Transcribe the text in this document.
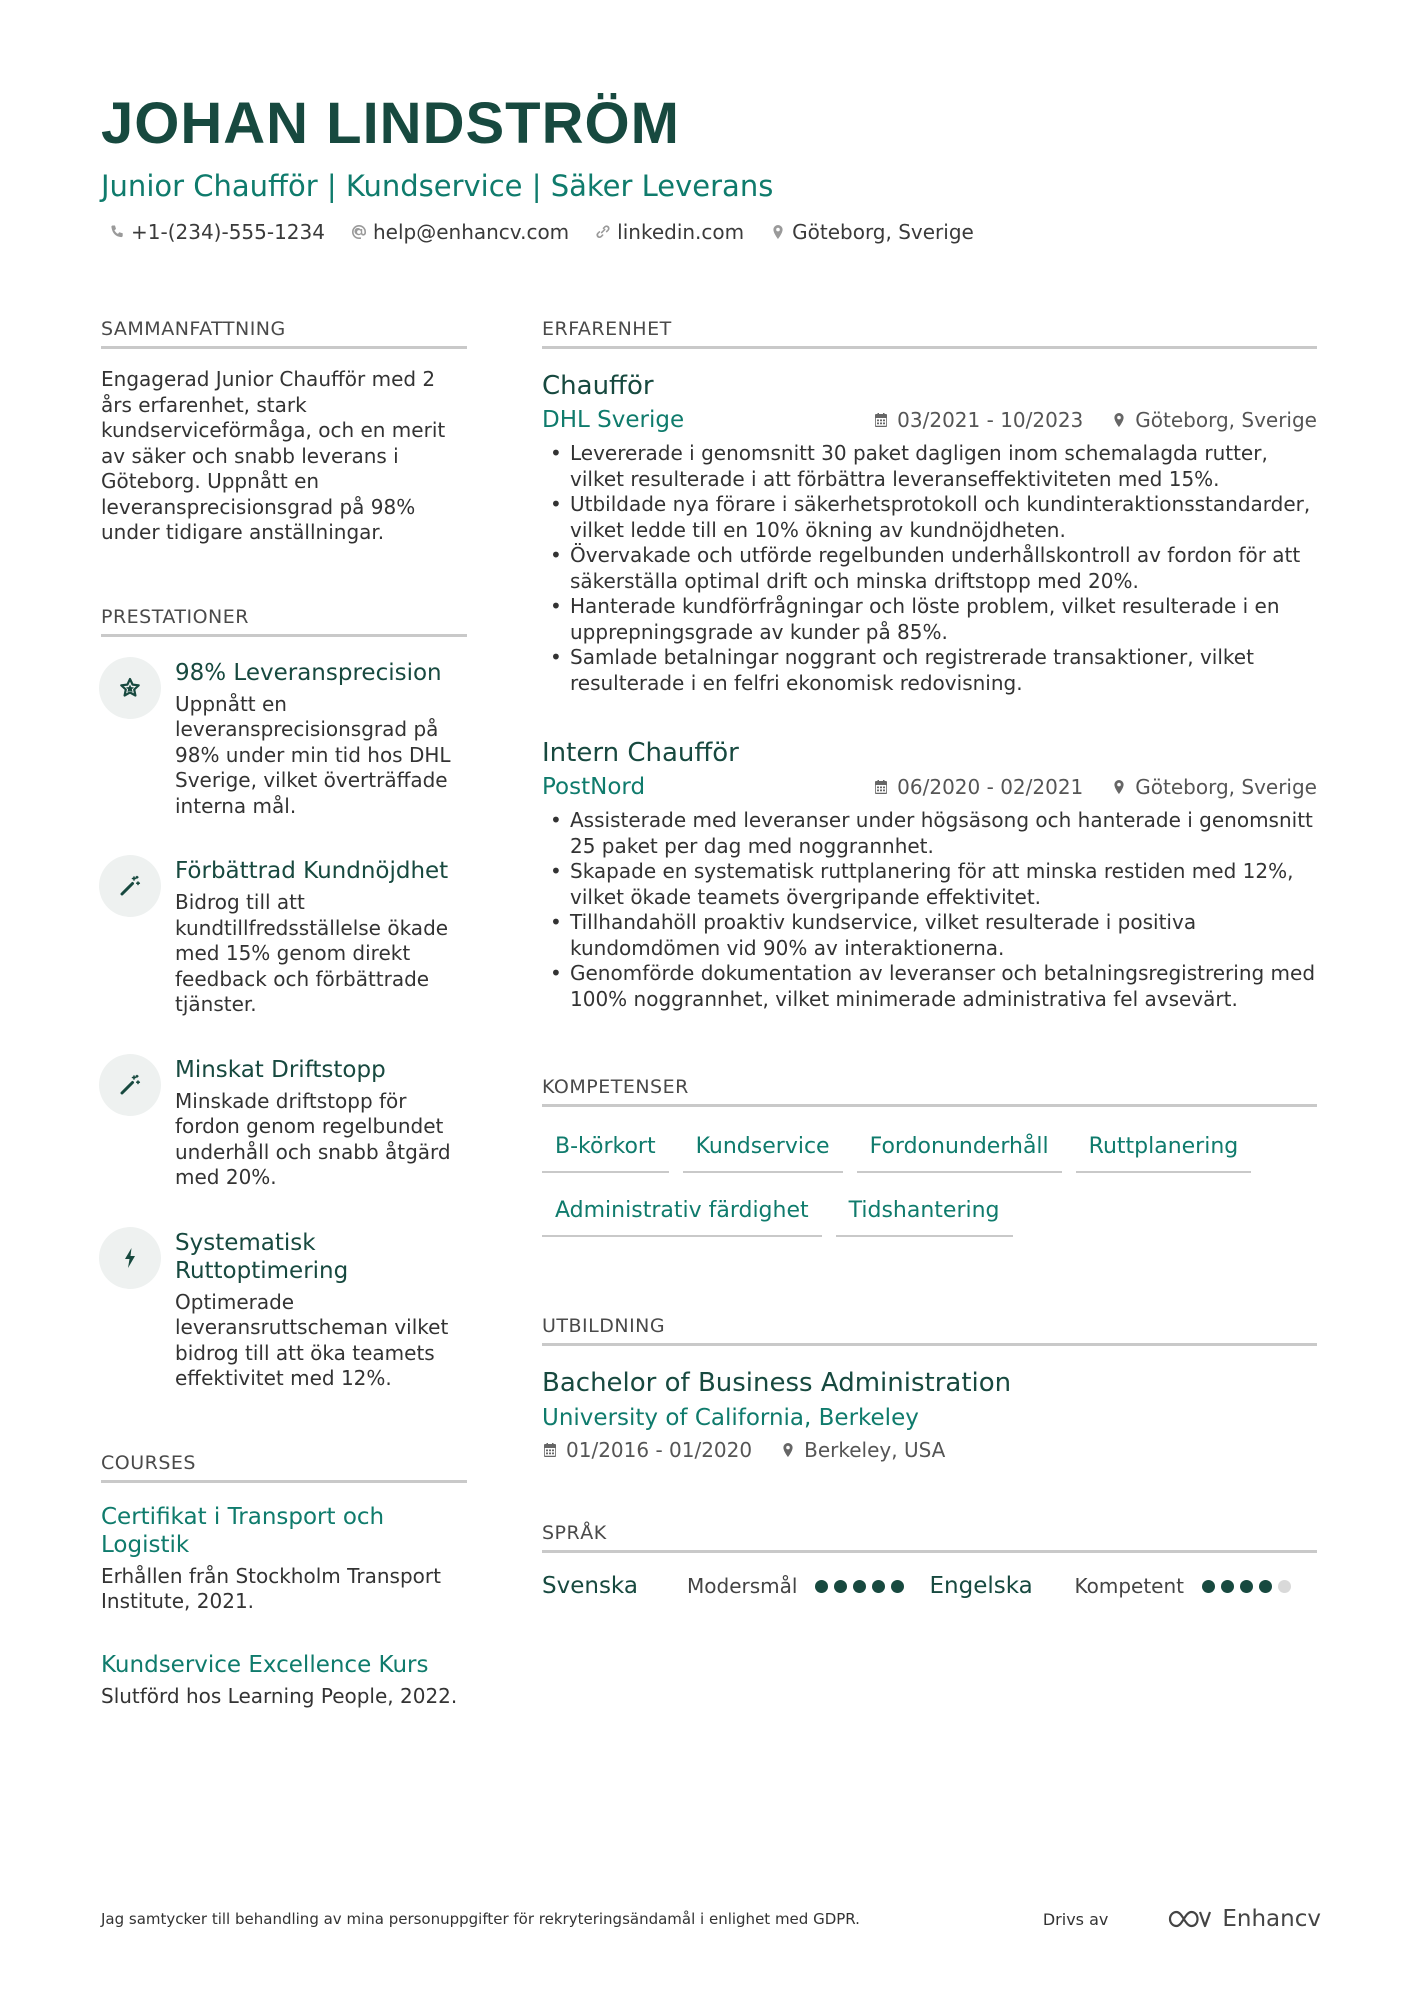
JOHAN LINDSTRÖM
Junior Chaufför | Kundservice | Säker Leverans
+1-(234)-555-1234 help@enhancv.com linkedin.com Göteborg, Sverige
SAMMANFATTNING
Engagerad Junior Chaufför med 2 års erfarenhet, stark kundserviceförmåga, och en merit av säker och snabb leverans i Göteborg. Uppnått en leveransprecisionsgrad på 98% under tidigare anställningar.
PRESTATIONER
98% Leveransprecision
Uppnått en leveransprecisionsgrad på 98% under min tid hos DHL Sverige, vilket överträffade interna mål.
Förbättrad Kundnöjdhet
Bidrog till att kundtillfredsställelse ökade med 15% genom direkt feedback och förbättrade tjänster.
Minskat Driftstopp
Minskade driftstopp för fordon genom regelbundet underhåll och snabb åtgärd med 20%.
Systematisk Ruttoptimering
Optimerade leveransruttscheman vilket bidrog till att öka teamets effektivitet med 12%.
COURSES
Certifikat i Transport och Logistik
Erhållen från Stockholm Transport Institute, 2021.
Kundservice Excellence Kurs
Slutförd hos Learning People, 2022.
ERFARENHET
Chaufför
DHL Sverige	03/2021 - 10/2023	Göteborg, Sverige
• Levererade i genomsnitt 30 paket dagligen inom schemalagda rutter, vilket resulterade i att förbättra leveranseffektiviteten med 15%.
• Utbildade nya förare i säkerhetsprotokoll och kundinteraktionsstandarder, vilket ledde till en 10% ökning av kundnöjdheten.
• Övervakade och utförde regelbunden underhållskontroll av fordon för att säkerställa optimal drift och minska driftstopp med 20%.
• Hanterade kundförfrågningar och löste problem, vilket resulterade i en upprepningsgrade av kunder på 85%.
• Samlade betalningar noggrant och registrerade transaktioner, vilket resulterade i en felfri ekonomisk redovisning.
Intern Chaufför
PostNord	06/2020 - 02/2021	Göteborg, Sverige
• Assisterade med leveranser under högsäsong och hanterade i genomsnitt 25 paket per dag med noggrannhet.
• Skapade en systematisk ruttplanering för att minska restiden med 12%, vilket ökade teamets övergripande effektivitet.
• Tillhandahöll proaktiv kundservice, vilket resulterade i positiva kundomdömen vid 90% av interaktionerna.
• Genomförde dokumentation av leveranser och betalningsregistrering med 100% noggrannhet, vilket minimerade administrativa fel avsevärt.
KOMPETENSER
B-körkort	Kundservice	Fordonunderhåll	Ruttplanering
Administrativ färdighet	Tidshantering
UTBILDNING
Bachelor of Business Administration
University of California, Berkeley
01/2016 - 01/2020	Berkeley, USA
SPRÅK
Svenska	Modersmål	Engelska	Kompetent
Jag samtycker till behandling av mina personuppgifter för rekryteringsändamål i enlighet med GDPR.	Drivs av	Enhancv
